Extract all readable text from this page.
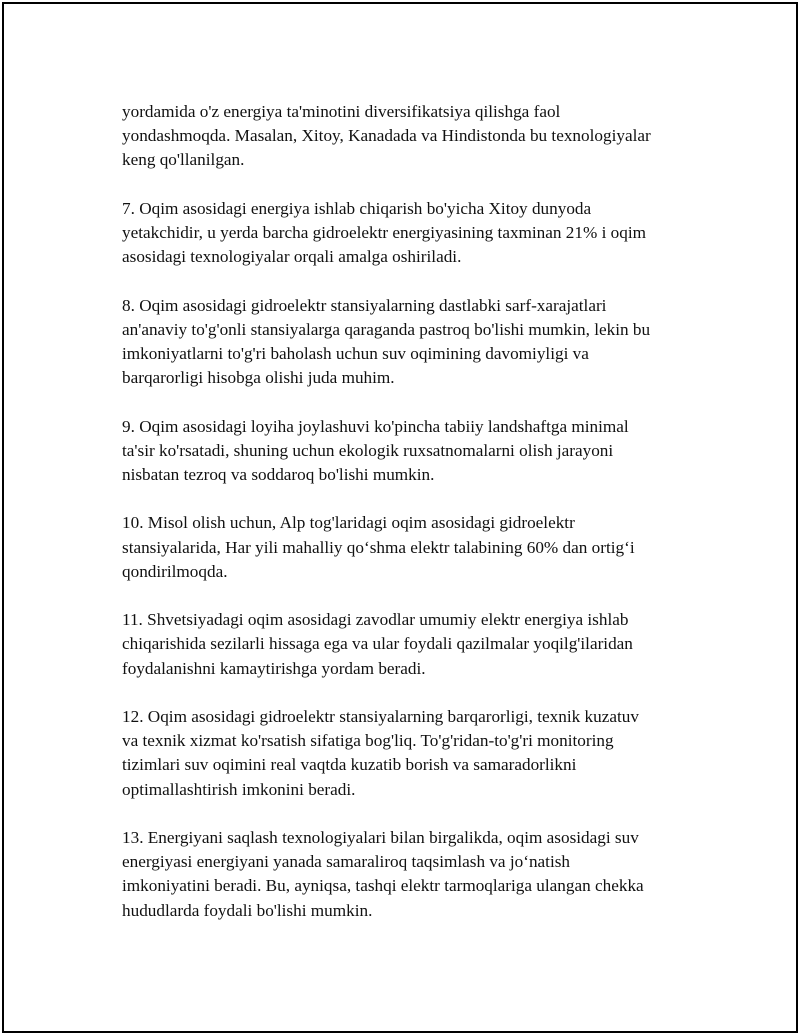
yordamida o'z energiya ta'minotini diversifikatsiya qilishga faol
yondashmoqda. Masalan, Xitoy, Kanadada va Hindistonda bu texnologiyalar
keng qo'llanilgan.

7. Oqim asosidagi energiya ishlab chiqarish bo'yicha Xitoy dunyoda
yetakchidir, u yerda barcha gidroelektr energiyasining taxminan 21% i oqim
asosidagi texnologiyalar orqali amalga oshiriladi.

8. Oqim asosidagi gidroelektr stansiyalarning dastlabki sarf-xarajatlari
an'anaviy to'g'onli stansiyalarga qaraganda pastroq bo'lishi mumkin, lekin bu
imkoniyatlarni to'g'ri baholash uchun suv oqimining davomiyligi va
barqarorligi hisobga olishi juda muhim.

9. Oqim asosidagi loyiha joylashuvi ko'pincha tabiiy landshaftga minimal
ta'sir ko'rsatadi, shuning uchun ekologik ruxsatnomalarni olish jarayoni
nisbatan tezroq va soddaroq bo'lishi mumkin.

10. Misol olish uchun, Alp tog'laridagi oqim asosidagi gidroelektr
stansiyalarida, Har yili mahalliy qo‘shma elektr talabining 60% dan ortig‘i
qondirilmoqda.

11. Shvetsiyadagi oqim asosidagi zavodlar umumiy elektr energiya ishlab
chiqarishida sezilarli hissaga ega va ular foydali qazilmalar yoqilg'ilaridan
foydalanishni kamaytirishga yordam beradi.

12. Oqim asosidagi gidroelektr stansiyalarning barqarorligi, texnik kuzatuv
va texnik xizmat ko'rsatish sifatiga bog'liq. To'g'ridan-to'g'ri monitoring
tizimlari suv oqimini real vaqtda kuzatib borish va samaradorlikni
optimallashtirish imkonini beradi.

13. Energiyani saqlash texnologiyalari bilan birgalikda, oqim asosidagi suv
energiyasi energiyani yanada samaraliroq taqsimlash va jo‘natish
imkoniyatini beradi. Bu, ayniqsa, tashqi elektr tarmoqlariga ulangan chekka
hududlarda foydali bo'lishi mumkin.
